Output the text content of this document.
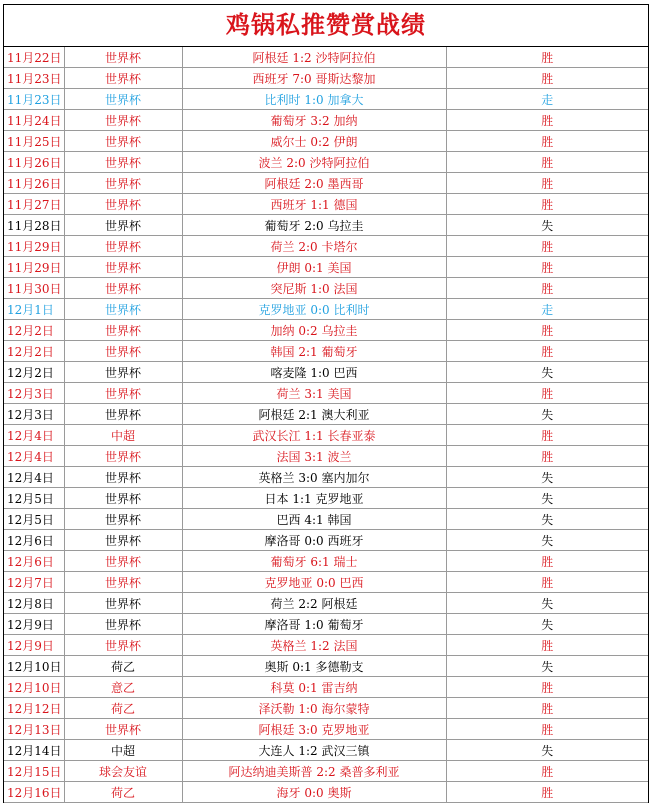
鸡锅私推赞赏战绩
11月22日	世界杯	阿根廷 1:2 沙特阿拉伯	胜
11月23日	世界杯	西班牙 7:0 哥斯达黎加	胜
11月23日	世界杯	比利时 1:0 加拿大	走
11月24日	世界杯	葡萄牙 3:2 加纳	胜
11月25日	世界杯	威尔士 0:2 伊朗	胜
11月26日	世界杯	波兰 2:0 沙特阿拉伯	胜
11月26日	世界杯	阿根廷 2:0 墨西哥	胜
11月27日	世界杯	西班牙 1:1 德国	胜
11月28日	世界杯	葡萄牙 2:0 乌拉圭	失
11月29日	世界杯	荷兰 2:0 卡塔尔	胜
11月29日	世界杯	伊朗 0:1 美国	胜
11月30日	世界杯	突尼斯 1:0 法国	胜
12月1日	世界杯	克罗地亚 0:0 比利时	走
12月2日	世界杯	加纳 0:2 乌拉圭	胜
12月2日	世界杯	韩国 2:1 葡萄牙	胜
12月2日	世界杯	喀麦隆 1:0 巴西	失
12月3日	世界杯	荷兰 3:1 美国	胜
12月3日	世界杯	阿根廷 2:1 澳大利亚	失
12月4日	中超	武汉长江 1:1 长春亚泰	胜
12月4日	世界杯	法国 3:1 波兰	胜
12月4日	世界杯	英格兰 3:0 塞内加尔	失
12月5日	世界杯	日本 1:1 克罗地亚	失
12月5日	世界杯	巴西 4:1 韩国	失
12月6日	世界杯	摩洛哥 0:0 西班牙	失
12月6日	世界杯	葡萄牙 6:1 瑞士	胜
12月7日	世界杯	克罗地亚 0:0 巴西	胜
12月8日	世界杯	荷兰 2:2 阿根廷	失
12月9日	世界杯	摩洛哥 1:0 葡萄牙	失
12月9日	世界杯	英格兰 1:2 法国	胜
12月10日	荷乙	奥斯 0:1 多德勒支	失
12月10日	意乙	科莫 0:1 雷吉纳	胜
12月12日	荷乙	泽沃勒 1:0 海尔蒙特	胜
12月13日	世界杯	阿根廷 3:0 克罗地亚	胜
12月14日	中超	大连人 1:2 武汉三镇	失
12月15日	球会友谊	阿达纳迪美斯普 2:2 桑普多利亚	胜
12月16日	荷乙	海牙 0:0 奥斯	胜
